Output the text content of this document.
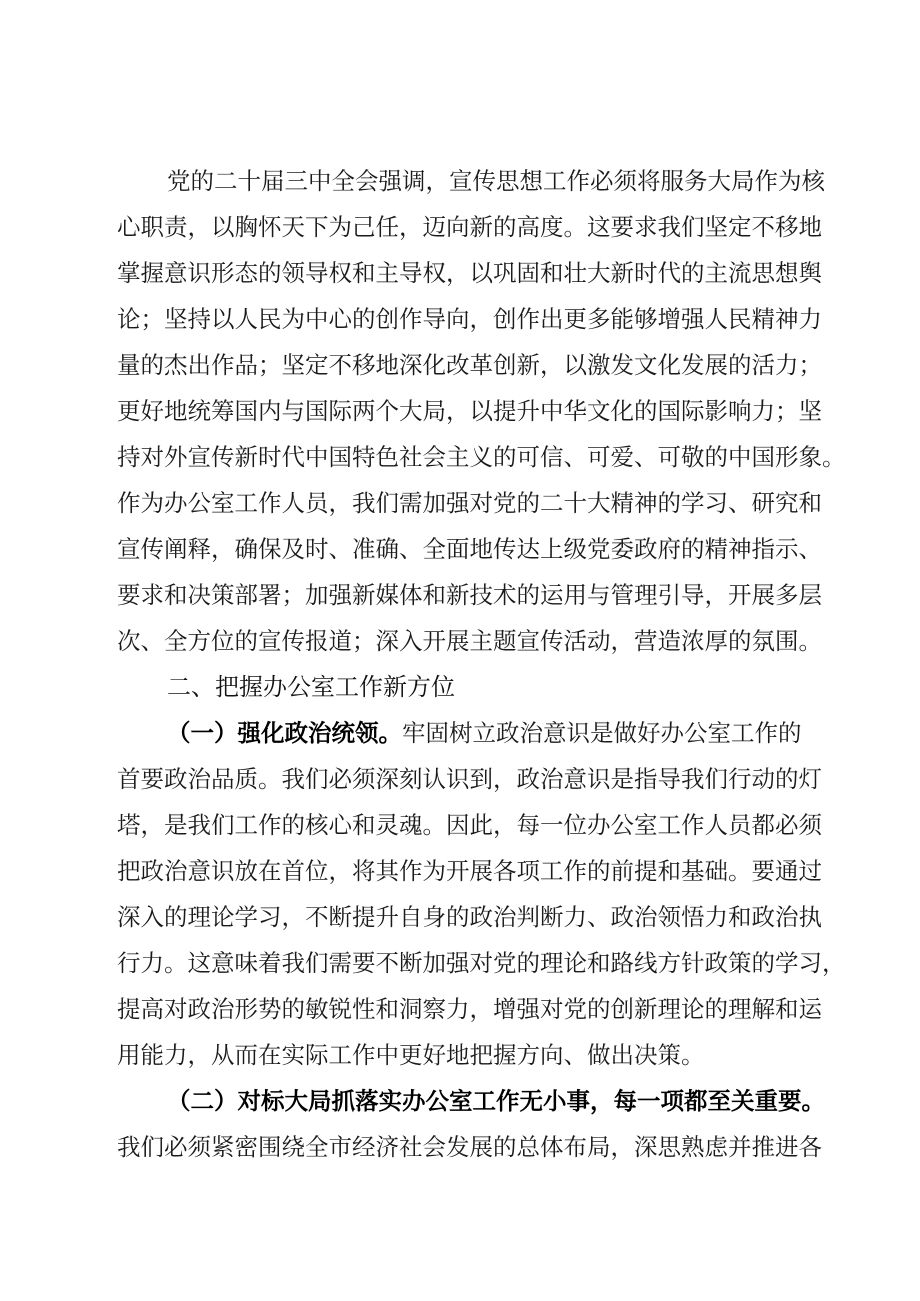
党的二十届三中全会强调，宣传思想工作必须将服务大局作为核
心职责，以胸怀天下为己任，迈向新的高度。这要求我们坚定不移地
掌握意识形态的领导权和主导权，以巩固和壮大新时代的主流思想舆
论；坚持以人民为中心的创作导向，创作出更多能够增强人民精神力
量的杰出作品；坚定不移地深化改革创新，以激发文化发展的活力；
更好地统筹国内与国际两个大局，以提升中华文化的国际影响力；坚
持对外宣传新时代中国特色社会主义的可信、可爱、可敬的中国形象。
作为办公室工作人员，我们需加强对党的二十大精神的学习、研究和
宣传阐释，确保及时、准确、全面地传达上级党委政府的精神指示、
要求和决策部署；加强新媒体和新技术的运用与管理引导，开展多层
次、全方位的宣传报道；深入开展主题宣传活动，营造浓厚的氛围。
二、把握办公室工作新方位
（一）强化政治统领。牢固树立政治意识是做好办公室工作的
首要政治品质。我们必须深刻认识到，政治意识是指导我们行动的灯
塔，是我们工作的核心和灵魂。因此，每一位办公室工作人员都必须
把政治意识放在首位，将其作为开展各项工作的前提和基础。要通过
深入的理论学习，不断提升自身的政治判断力、政治领悟力和政治执
行力。这意味着我们需要不断加强对党的理论和路线方针政策的学习，
提高对政治形势的敏锐性和洞察力，增强对党的创新理论的理解和运
用能力，从而在实际工作中更好地把握方向、做出决策。
（二）对标大局抓落实办公室工作无小事，每一项都至关重要。
我们必须紧密围绕全市经济社会发展的总体布局，深思熟虑并推进各
